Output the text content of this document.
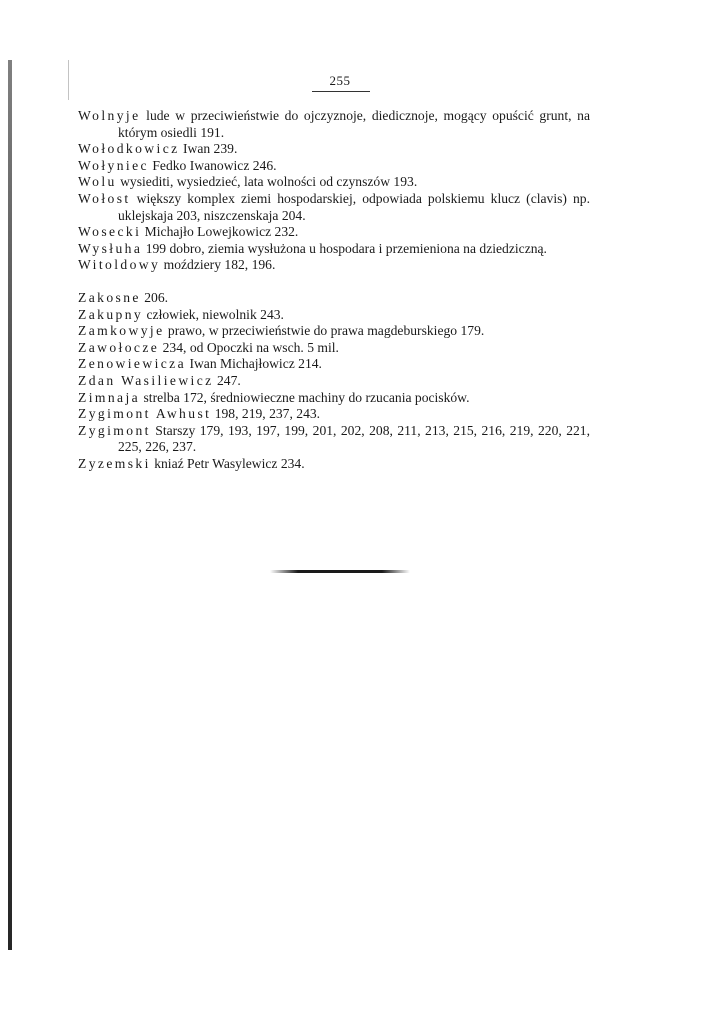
255

Wolnyje lude w przeciwieństwie do ojczyznoje, diedicznoje, mogący opuścić grunt, na którym osiedli 191.

Wołodkowicz Iwan 239.

Wołyniec Fedko Iwanowicz 246.

Wolu wysiediti, wysiedzieć, lata wolności od czynszów 193.

Wołost większy komplex ziemi hospodarskiej, odpowiada polskiemu klucz (clavis) np. uklejskaja 203, niszczenskaja 204.

Wosecki Michajło Lowejkowicz 232.

Wysłuha 199 dobro, ziemia wysłużona u hospodara i przemieniona na dziedziczną.

Witoldowy moździery 182, 196.

Zakosne 206.

Zakupny człowiek, niewolnik 243.

Zamkowyje prawo, w przeciwieństwie do prawa magdeburskiego 179.

Zawołocze 234, od Opoczki na wsch. 5 mil.

Zenowiewicza Iwan Michajłowicz 214.

Zdan Wasiliewicz 247.

Zimnaja strelba 172, średniowieczne machiny do rzucania pocisków.

Zygimont Awhust 198, 219, 237, 243.

Zygimont Starszy 179, 193, 197, 199, 201, 202, 208, 211, 213, 215, 216, 219, 220, 221, 225, 226, 237.

Zyzemski kniaź Petr Wasylewicz 234.
